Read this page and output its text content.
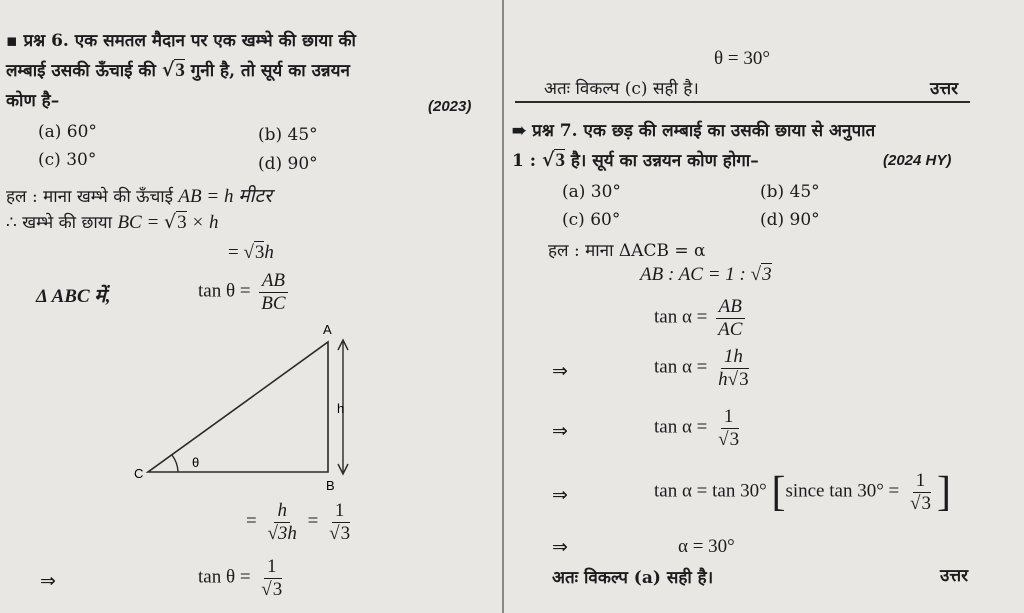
▪ प्रश्न 6. एक समतल मैदान पर एक खम्भे की छाया की
लम्बाई उसकी ऊँचाई की √3 गुनी है, तो सूर्य का उन्नयन
कोण है–	(2023)
(a) 60°	(b) 45°
(c) 30°	(d) 90°
हल : माना खम्भे की ऊँचाई AB = h मीटर
∴ खम्भे की छाया BC = √3 × h
= √3h
Δ ABC में,	$\tan \theta = \frac{AB}{BC}$
A
B
C
θ
h
= $\frac{h}{√3h} = \frac{1}{√3}$
⇒	$\tan \theta = \frac{1}{√3}$
θ = 30°
अतः विकल्प (c) सही है।	उत्तर
➠ प्रश्न 7. एक छड़ की लम्बाई का उसकी छाया से अनुपात
1 : √3 है। सूर्य का उन्नयन कोण होगा–	(2024 HY)
(a) 30°	(b) 45°
(c) 60°	(d) 90°
हल : माना ΔACB = α
AB : AC = 1 : √3
$\tan \alpha = \frac{AB}{AC}$
⇒	$\tan \alpha = \frac{1h}{h√3}$
⇒	$\tan \alpha = \frac{1}{√3}$
⇒	tan α = tan 30° [since $\tan 30^\circ = \frac{1}{√3}$ ]
⇒	α = 30°
अतः विकल्प (a) सही है।	उत्तर
